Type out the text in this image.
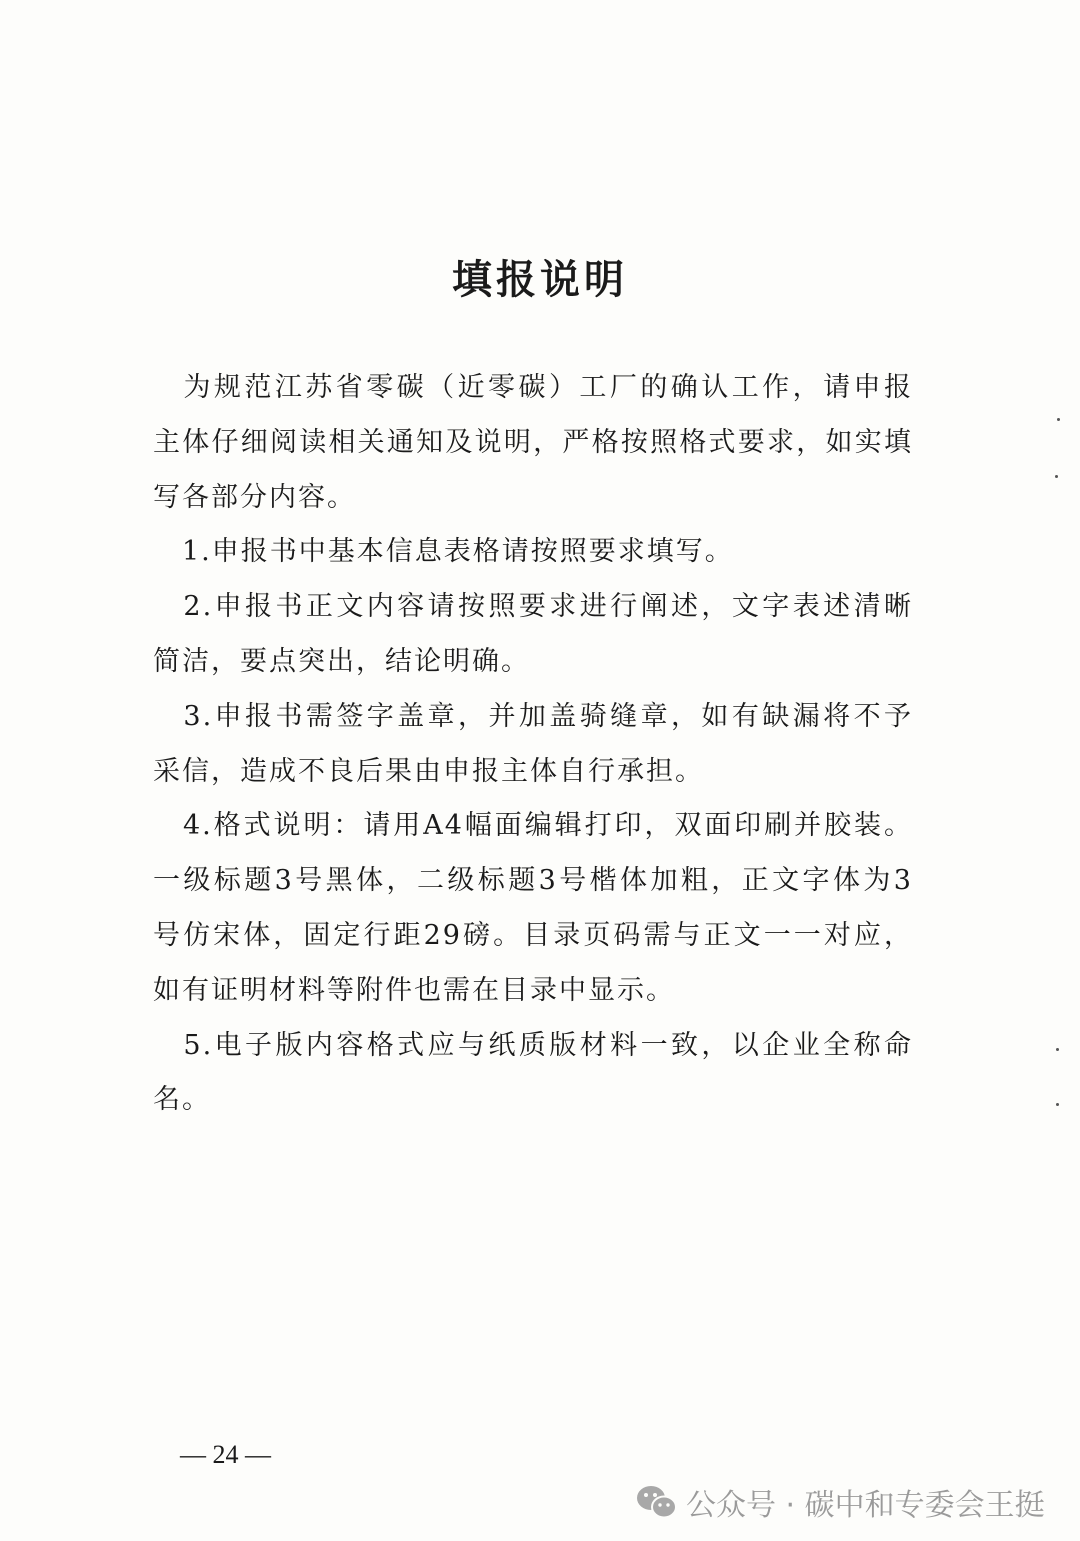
填报说明
　为规范江苏省零碳（近零碳）工厂的确认工作，请申报
主体仔细阅读相关通知及说明，严格按照格式要求，如实填
写各部分内容。
　1.申报书中基本信息表格请按照要求填写。
　2.申报书正文内容请按照要求进行阐述，文字表述清晰
简洁，要点突出，结论明确。
　3.申报书需签字盖章，并加盖骑缝章，如有缺漏将不予
采信，造成不良后果由申报主体自行承担。
　4.格式说明：请用A4幅面编辑打印，双面印刷并胶装。
一级标题3号黑体，二级标题3号楷体加粗，正文字体为3
号仿宋体，固定行距29磅。目录页码需与正文一一对应，
如有证明材料等附件也需在目录中显示。
　5.电子版内容格式应与纸质版材料一致，以企业全称命
名。
— 24 —
公众号 · 碳中和专委会王挺
